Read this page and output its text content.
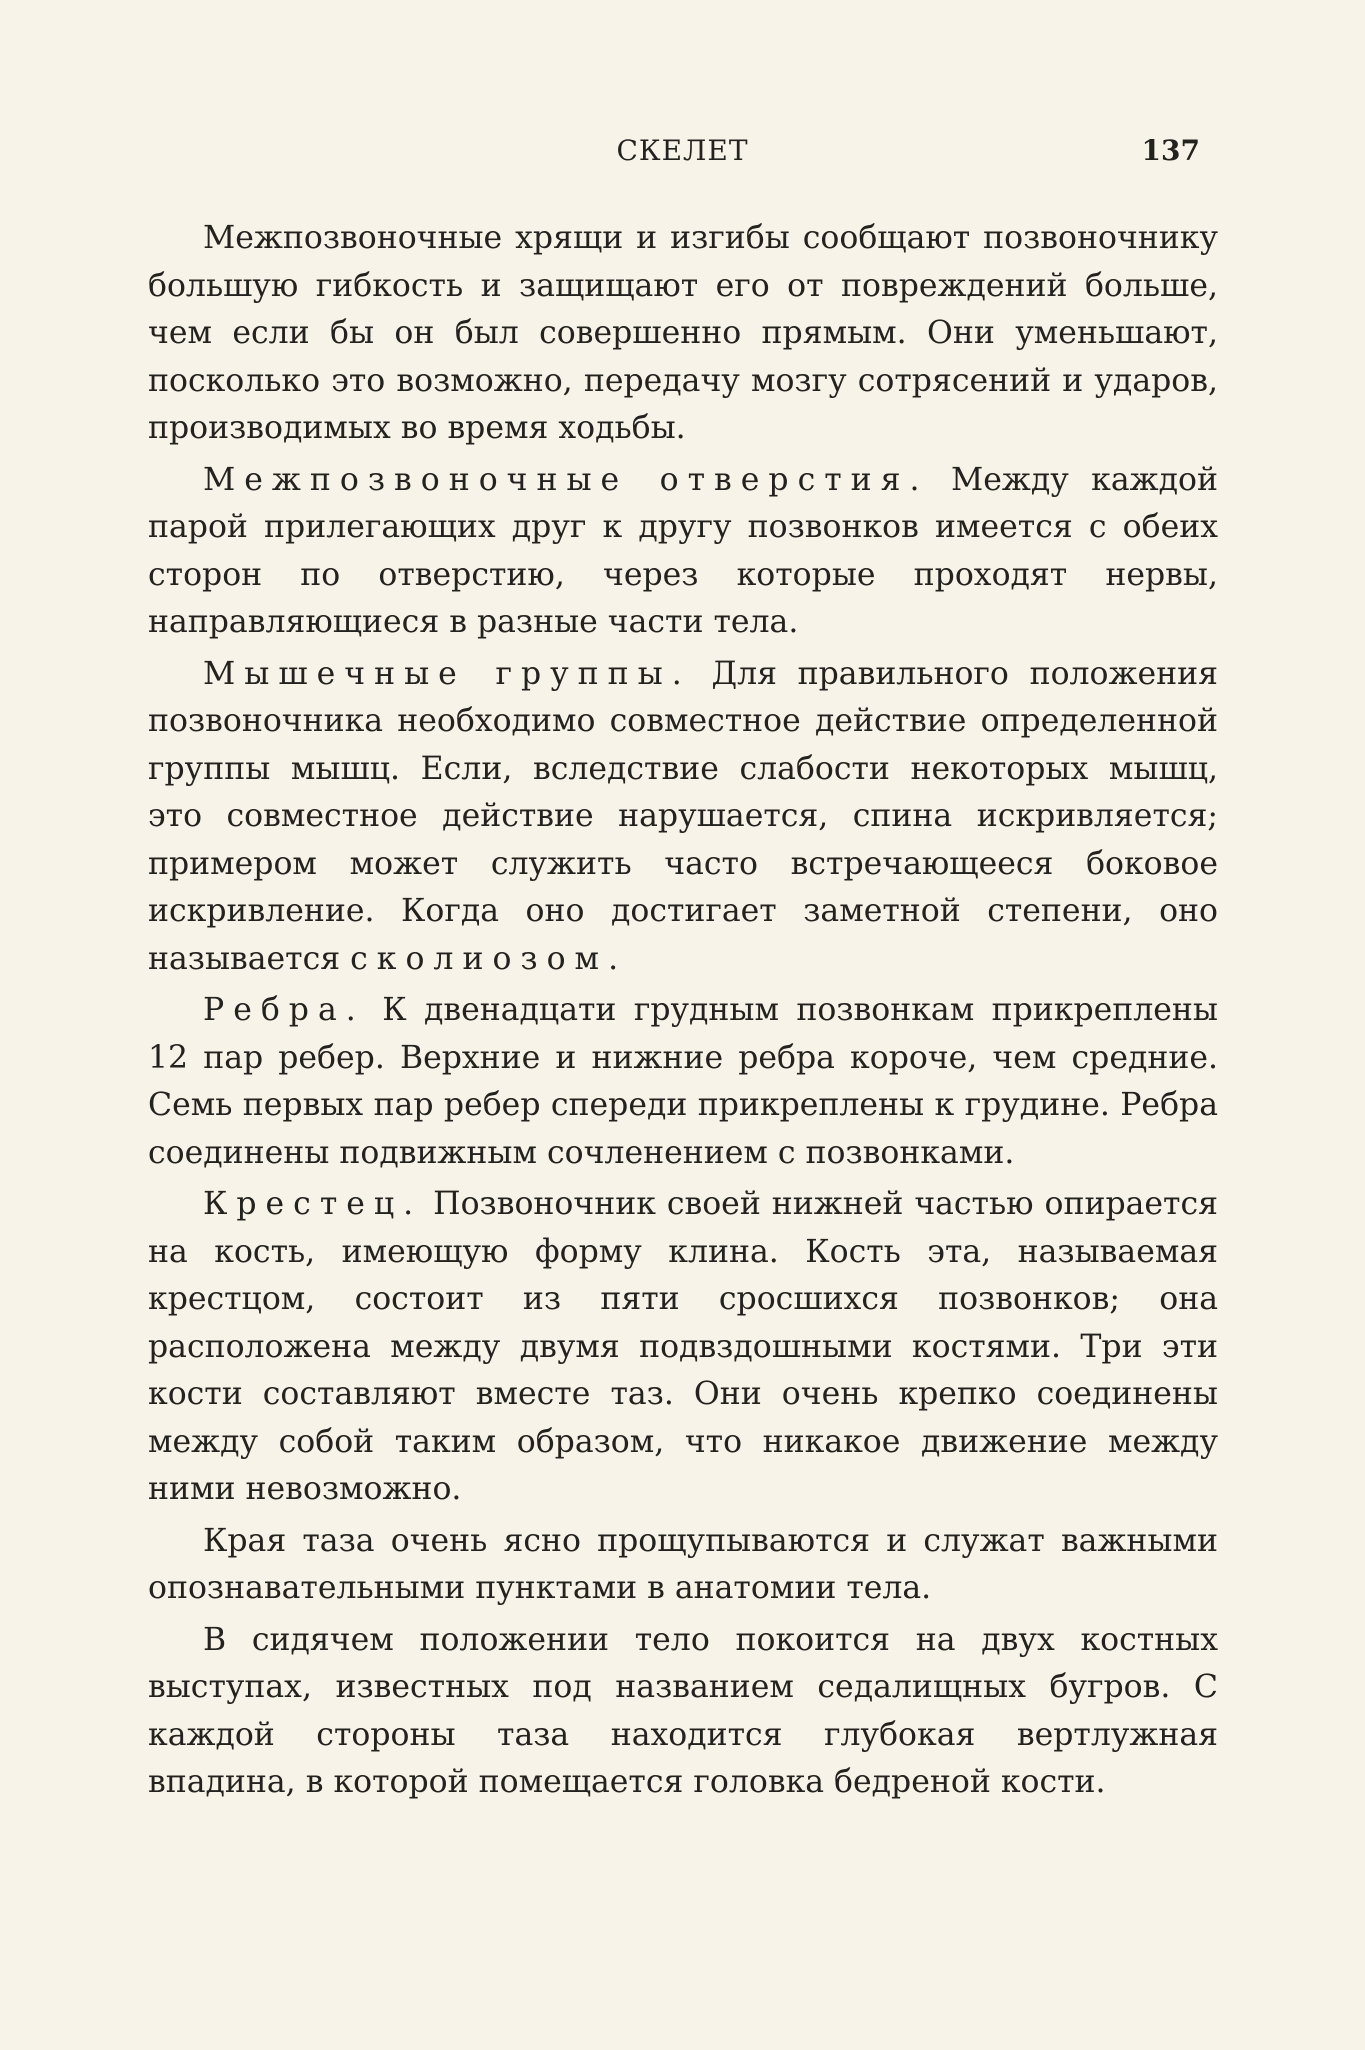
СКЕЛЕТ	137

Межпозвоночные хрящи и изгибы сообщают позвоночнику большую гибкость и защищают его от повреждений больше, чем если бы он был совершенно прямым. Они уменьшают, посколько это возможно, передачу мозгу сотрясений и ударов, производимых во время ходьбы.

Межпозвоночные отверстия. Между каждой парой прилегающих друг к другу позвонков имеется с обеих сторон по отверстию, через которые проходят нервы, направляющиеся в разные части тела.

Мышечные группы. Для правильного положения позвоночника необходимо совместное действие определенной группы мышц. Если, вследствие слабости некоторых мышц, это совместное действие нарушается, спина искривляется; примером может служить часто встречающееся боковое искривление. Когда оно достигает заметной степени, оно называется сколиозом.

Ребра. К двенадцати грудным позвонкам прикреплены 12 пар ребер. Верхние и нижние ребра короче, чем средние. Семь первых пар ребер спереди прикреплены к грудине. Ребра соединены подвижным сочленением с позвонками.

Крестец. Позвоночник своей нижней частью опирается на кость, имеющую форму клина. Кость эта, называемая крестцом, состоит из пяти сросшихся позвонков; она расположена между двумя подвздошными костями. Три эти кости составляют вместе таз. Они очень крепко соединены между собой таким образом, что никакое движение между ними невозможно.

Края таза очень ясно прощупываются и служат важными опознавательными пунктами в анатомии тела.

В сидячем положении тело покоится на двух костных выступах, известных под названием седалищных бугров. С каждой стороны таза находится глубокая вертлужная впадина, в которой помещается головка бедреной кости.
